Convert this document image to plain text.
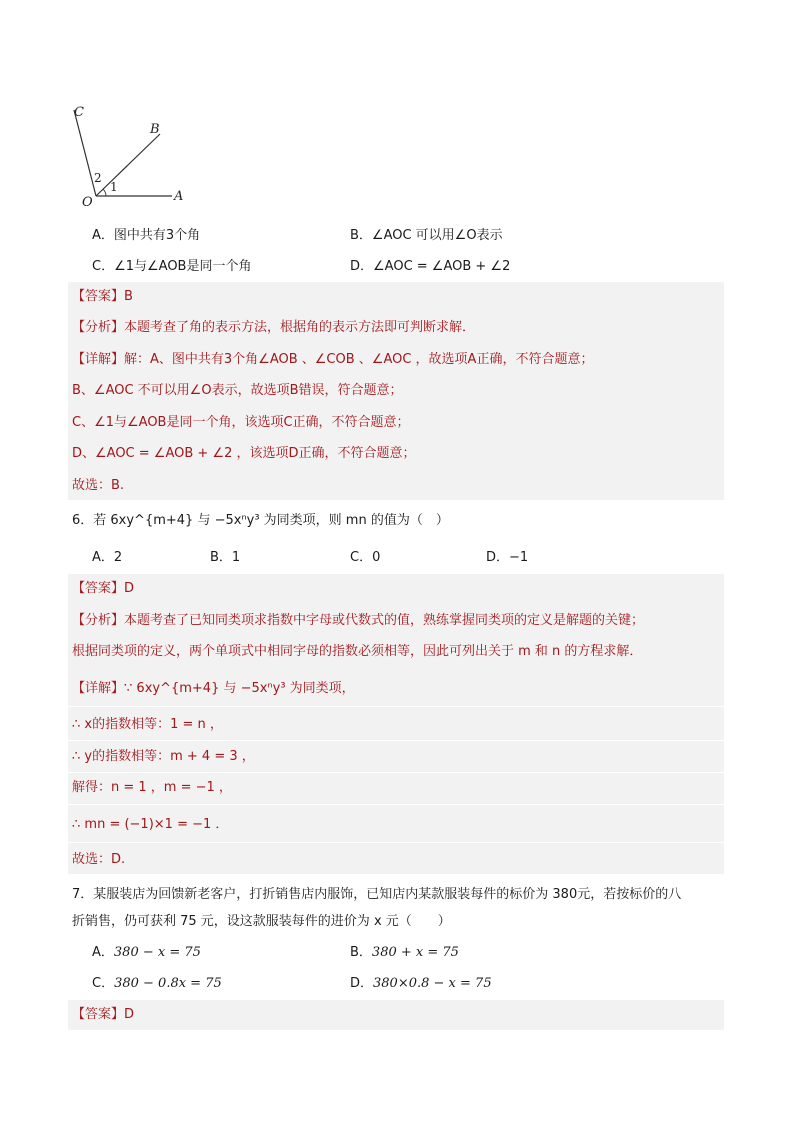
C
B
O	A
2
1
A．图中共有3个角	B．∠AOC 可以用∠O表示
C．∠1与∠AOB是同一个角	D．∠AOC = ∠AOB + ∠2
【答案】B
【分析】本题考查了角的表示方法，根据角的表示方法即可判断求解．
【详解】解：A、图中共有3个角∠AOB 、∠COB 、∠AOC ，故选项A正确，不符合题意；
B、∠AOC 不可以用∠O表示，故选项B错误，符合题意；
C、∠1与∠AOB是同一个角，该选项C正确，不符合题意；
D、∠AOC = ∠AOB + ∠2 ，该选项D正确，不符合题意；
故选：B.
6．若 6xy^{m+4} 与 −5xⁿy³ 为同类项，则 mn 的值为（　）
A．2	B．1	C．0	D．−1
【答案】D
【分析】本题考查了已知同类项求指数中字母或代数式的值，熟练掌握同类项的定义是解题的关键；
根据同类项的定义，两个单项式中相同字母的指数必须相等，因此可列出关于 m 和 n 的方程求解．
【详解】∵ 6xy^{m+4} 与 −5xⁿy³ 为同类项，
∴ x的指数相等：1 = n ，
∴ y的指数相等：m + 4 = 3 ，
解得：n = 1 ，m = −1 ，
∴ mn = (−1)×1 = −1 ．
故选：D.
7．某服装店为回馈新老客户，打折销售店内服饰，已知店内某款服装每件的标价为 380元，若按标价的八
折销售，仍可获利 75 元，设这款服装每件的进价为 x 元（　　）
A．380 − x = 75	B．380 + x = 75
C．380 − 0.8x = 75	D．380×0.8 − x = 75
【答案】D
